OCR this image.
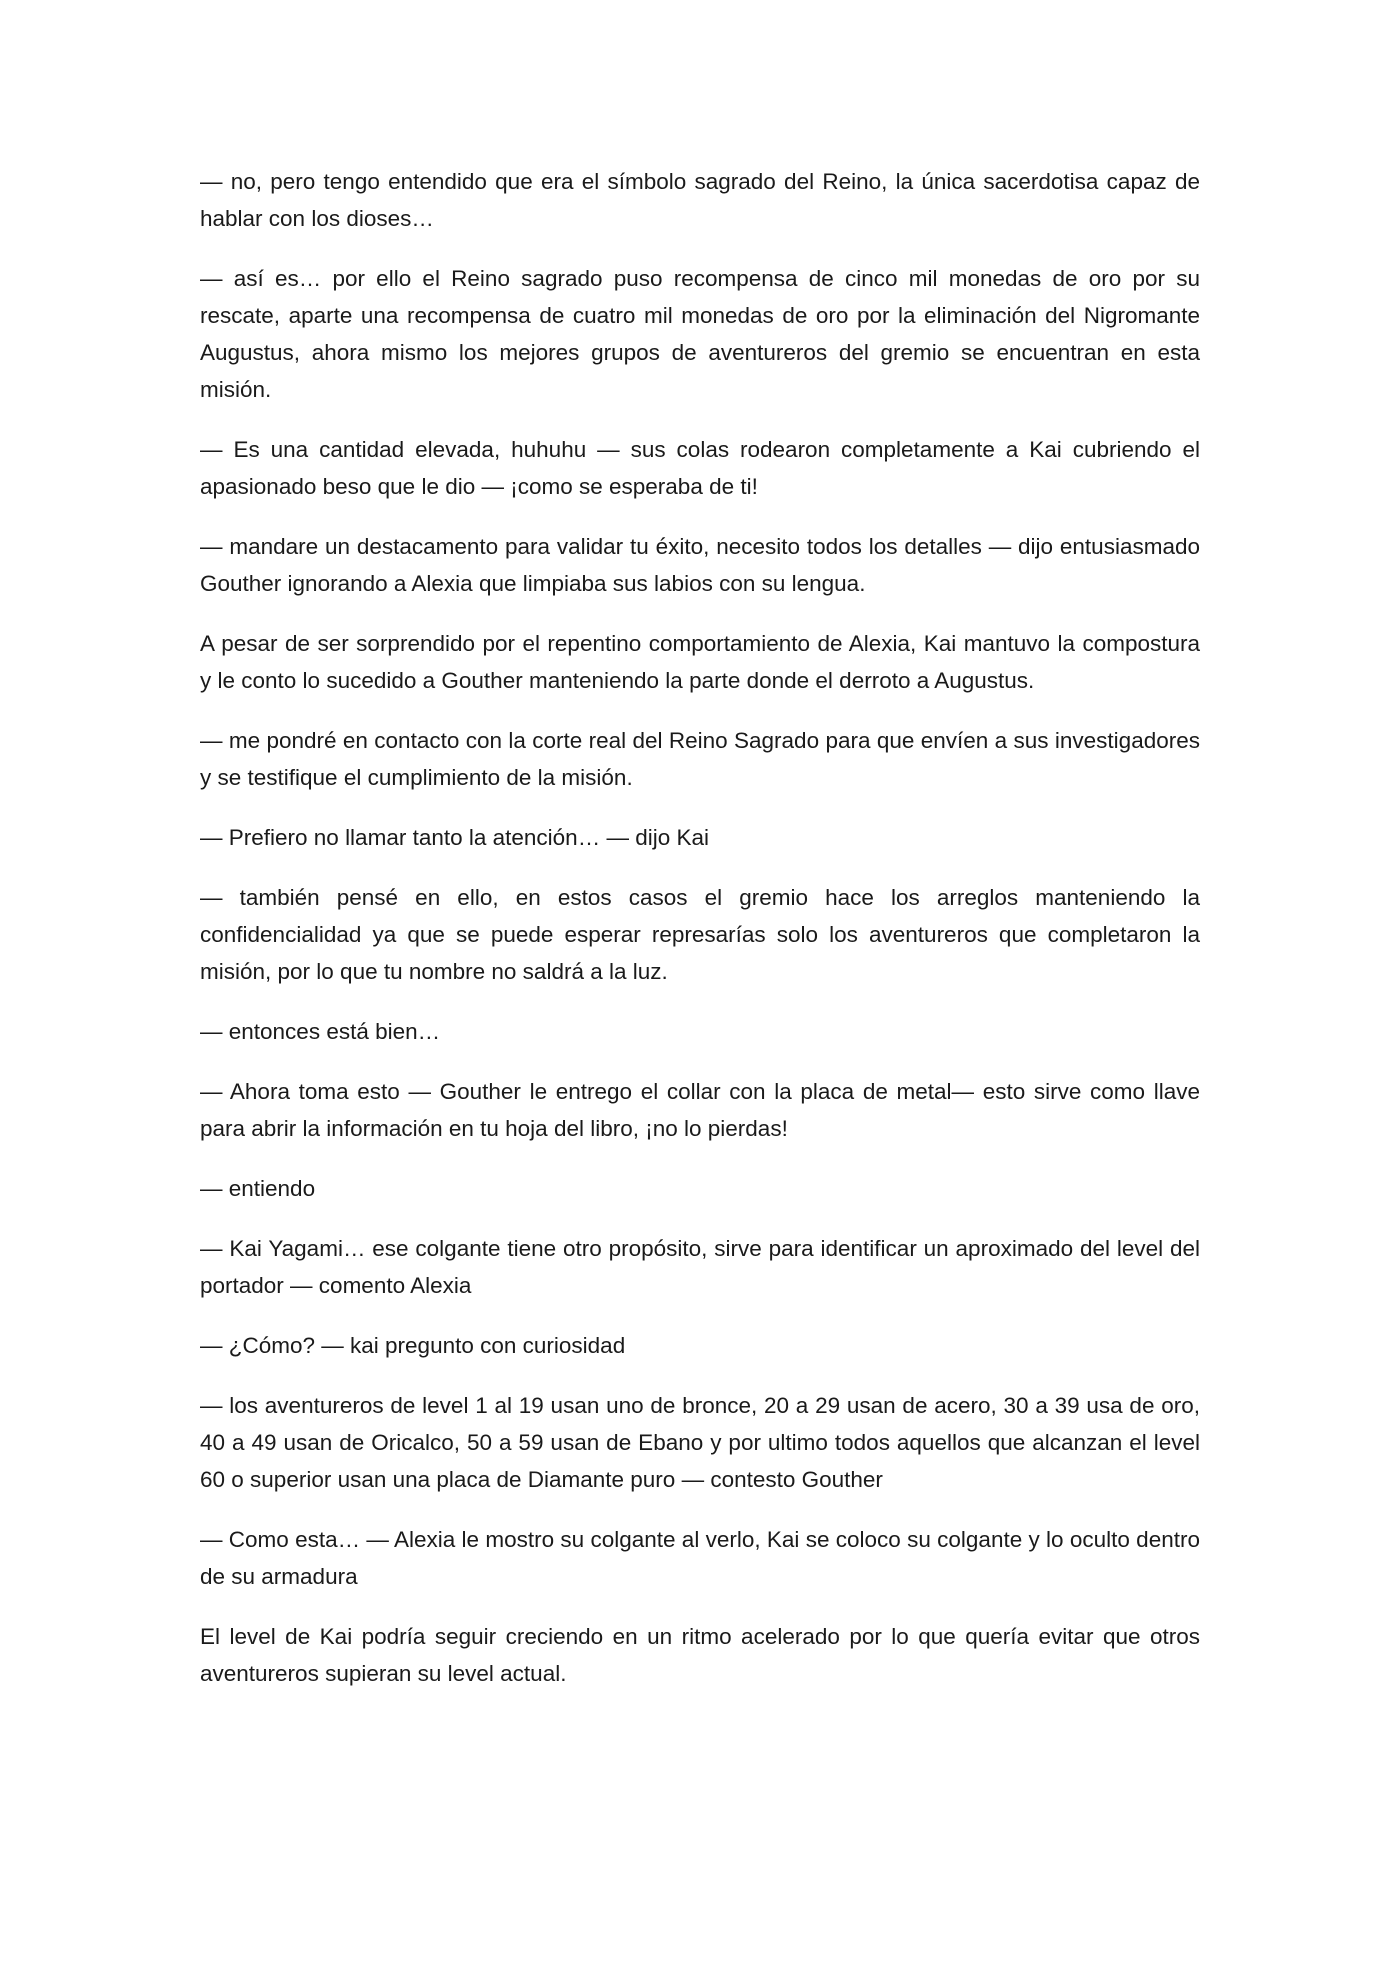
— no, pero tengo entendido que era el símbolo sagrado del Reino, la única sacerdotisa capaz de hablar con los dioses…

— así es… por ello el Reino sagrado puso recompensa de cinco mil monedas de oro por su rescate, aparte una recompensa de cuatro mil monedas de oro por la eliminación del Nigromante Augustus, ahora mismo los mejores grupos de aventureros del gremio se encuentran en esta misión.

— Es una cantidad elevada, huhuhu — sus colas rodearon completamente a Kai cubriendo el apasionado beso que le dio — ¡como se esperaba de ti!

— mandare un destacamento para validar tu éxito, necesito todos los detalles — dijo entusiasmado Gouther ignorando a Alexia que limpiaba sus labios con su lengua.

A pesar de ser sorprendido por el repentino comportamiento de Alexia, Kai mantuvo la compostura y le conto lo sucedido a Gouther manteniendo la parte donde el derroto a Augustus.

— me pondré en contacto con la corte real del Reino Sagrado para que envíen a sus investigadores y se testifique el cumplimiento de la misión.

— Prefiero no llamar tanto la atención… — dijo Kai

— también pensé en ello, en estos casos el gremio hace los arreglos manteniendo la confidencialidad ya que se puede esperar represarías solo los aventureros que completaron la misión, por lo que tu nombre no saldrá a la luz.

— entonces está bien…

— Ahora toma esto — Gouther le entrego el collar con la placa de metal— esto sirve como llave para abrir la información en tu hoja del libro, ¡no lo pierdas!

— entiendo

— Kai Yagami… ese colgante tiene otro propósito, sirve para identificar un aproximado del level del portador — comento Alexia

— ¿Cómo? — kai pregunto con curiosidad

— los aventureros de level 1 al 19 usan uno de bronce, 20 a 29 usan de acero, 30 a 39 usa de oro, 40 a 49 usan de Oricalco, 50 a 59 usan de Ebano y por ultimo todos aquellos que alcanzan el level 60 o superior usan una placa de Diamante puro — contesto Gouther

— Como esta… — Alexia le mostro su colgante al verlo, Kai se coloco su colgante y lo oculto dentro de su armadura

El level de Kai podría seguir creciendo en un ritmo acelerado por lo que quería evitar que otros aventureros supieran su level actual.
